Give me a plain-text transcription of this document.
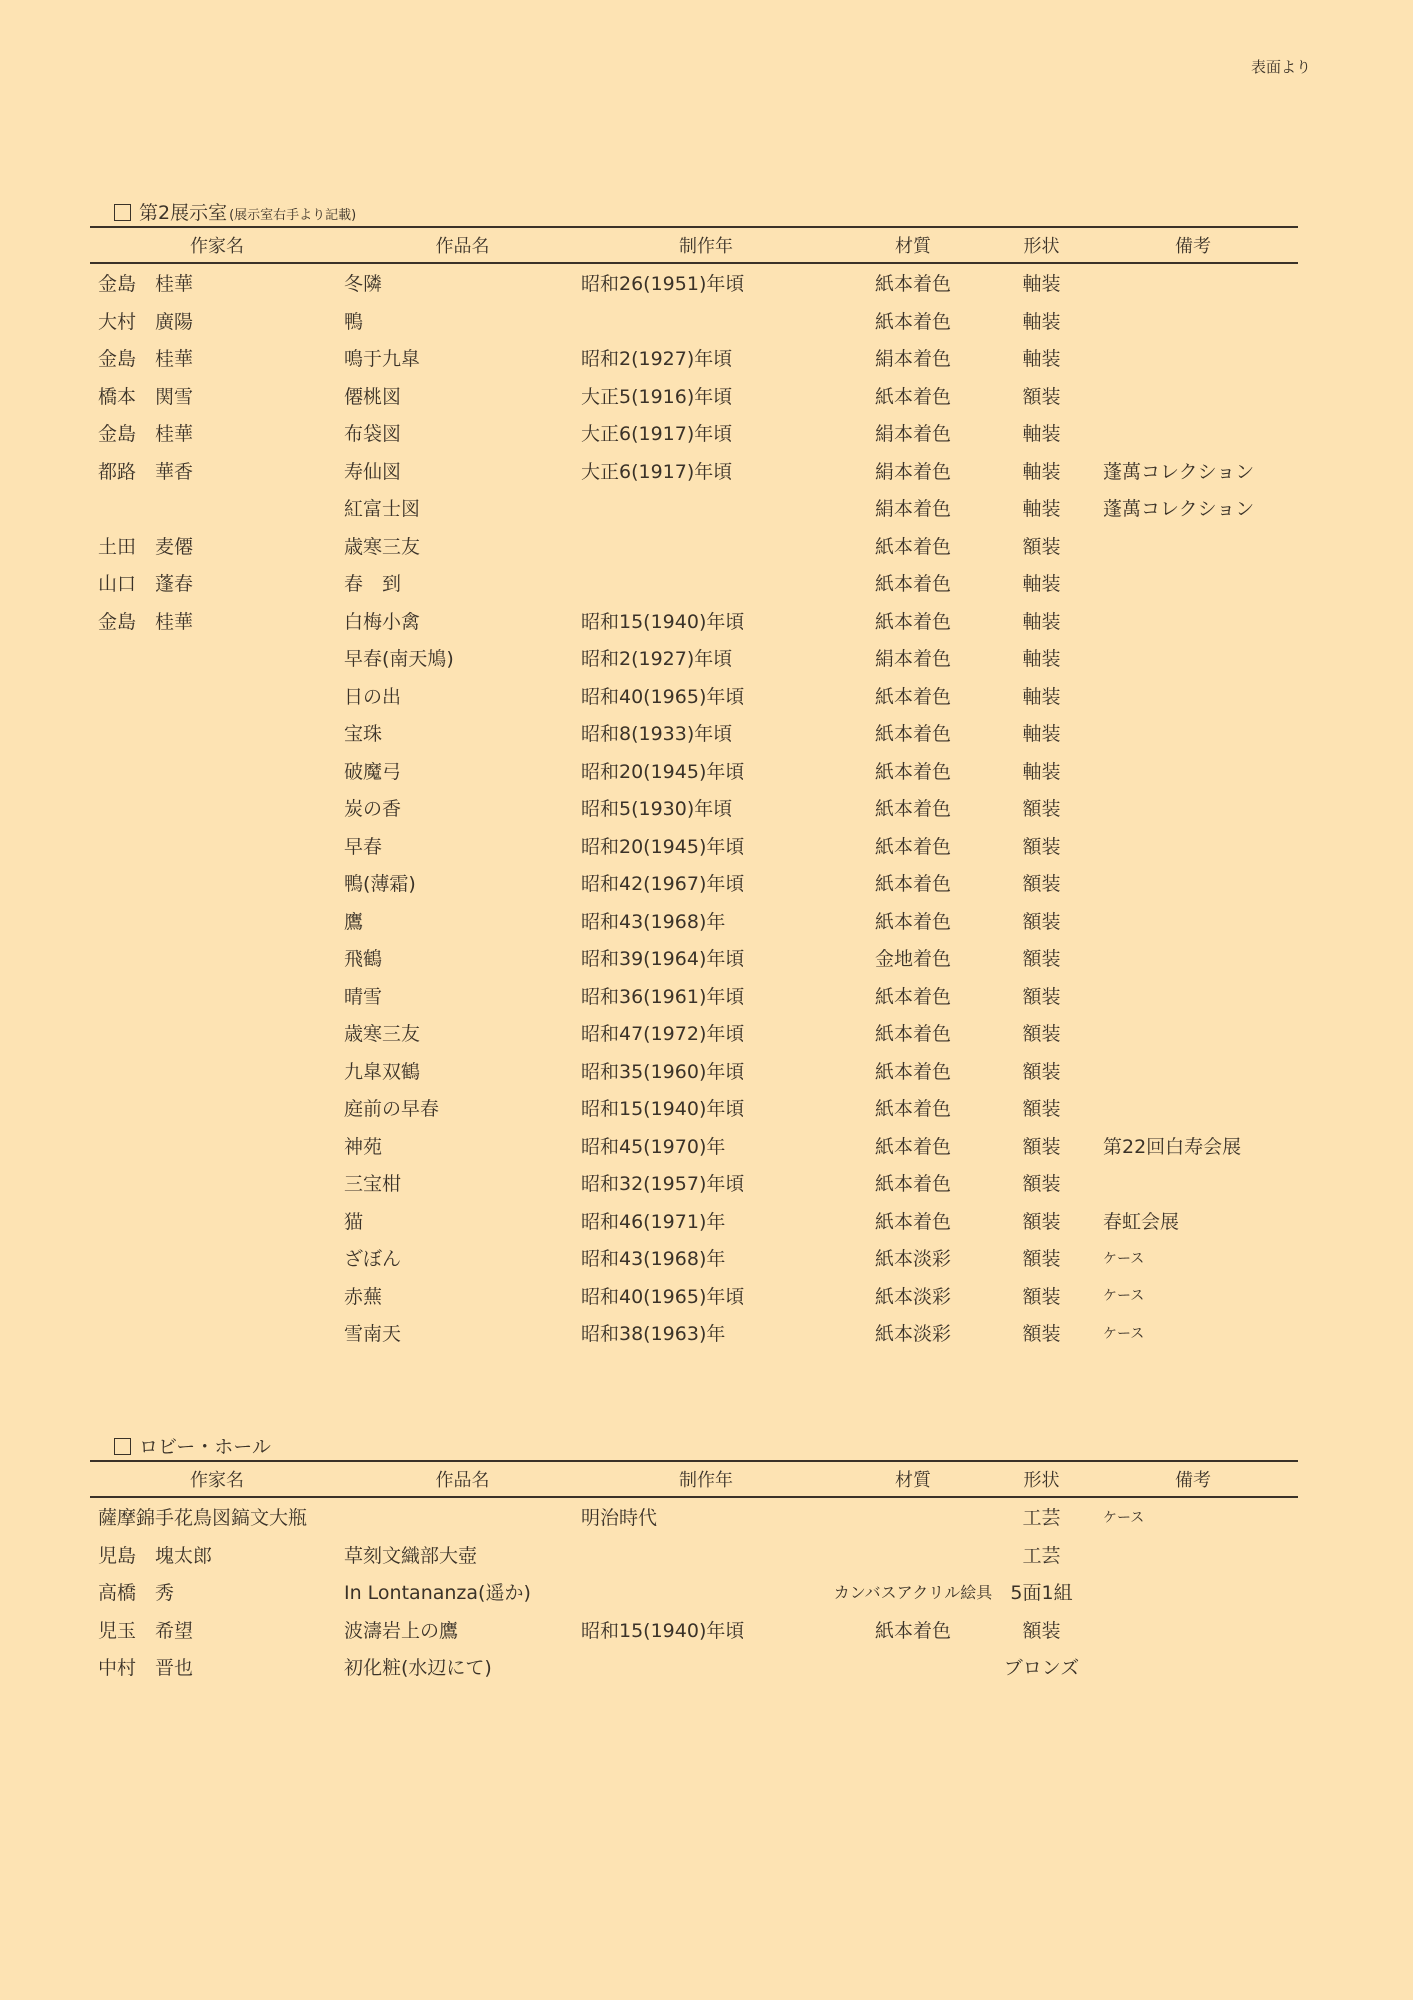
表面より
第2展示室 (展示室右手より記載)
作家名	作品名	制作年	材質	形状	備考
金島　桂華	冬隣	昭和26(1951)年頃	紙本着色	軸装	
大村　廣陽	鴨		紙本着色	軸装	
金島　桂華	鳴于九皐	昭和2(1927)年頃	絹本着色	軸装	
橋本　関雪	僊桃図	大正5(1916)年頃	紙本着色	額装	
金島　桂華	布袋図	大正6(1917)年頃	絹本着色	軸装	
都路　華香	寿仙図	大正6(1917)年頃	絹本着色	軸装	蓬萬コレクション
	紅富士図		絹本着色	軸装	蓬萬コレクション
土田　麦僊	歳寒三友		紙本着色	額装	
山口　蓬春	春　到		紙本着色	軸装	
金島　桂華	白梅小禽	昭和15(1940)年頃	紙本着色	軸装	
	早春(南天鳩)	昭和2(1927)年頃	絹本着色	軸装	
	日の出	昭和40(1965)年頃	紙本着色	軸装	
	宝珠	昭和8(1933)年頃	紙本着色	軸装	
	破魔弓	昭和20(1945)年頃	紙本着色	軸装	
	炭の香	昭和5(1930)年頃	紙本着色	額装	
	早春	昭和20(1945)年頃	紙本着色	額装	
	鴨(薄霜)	昭和42(1967)年頃	紙本着色	額装	
	鷹	昭和43(1968)年	紙本着色	額装	
	飛鶴	昭和39(1964)年頃	金地着色	額装	
	晴雪	昭和36(1961)年頃	紙本着色	額装	
	歳寒三友	昭和47(1972)年頃	紙本着色	額装	
	九皐双鶴	昭和35(1960)年頃	紙本着色	額装	
	庭前の早春	昭和15(1940)年頃	紙本着色	額装	
	神苑	昭和45(1970)年	紙本着色	額装	第22回白寿会展
	三宝柑	昭和32(1957)年頃	紙本着色	額装	
	猫	昭和46(1971)年	紙本着色	額装	春虹会展
	ざぼん	昭和43(1968)年	紙本淡彩	額装	ケース
	赤蕪	昭和40(1965)年頃	紙本淡彩	額装	ケース
	雪南天	昭和38(1963)年	紙本淡彩	額装	ケース
ロビー・ホール
作家名	作品名	制作年	材質	形状	備考
薩摩錦手花鳥図鎬文大瓶		明治時代		工芸	ケース
児島　塊太郎	草刻文織部大壺			工芸	
高橋　秀	In Lontananza(遥か)		カンバスアクリル絵具	5面1組	
児玉　希望	波濤岩上の鷹	昭和15(1940)年頃	紙本着色	額装	
中村　晋也	初化粧(水辺にて)			ブロンズ	
